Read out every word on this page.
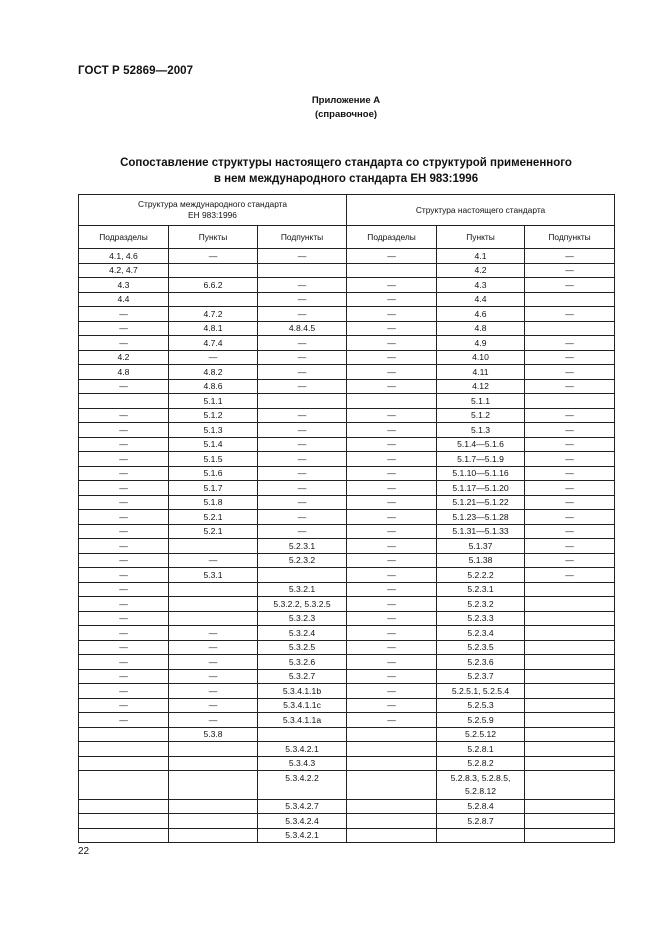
ГОСТ Р 52869—2007
Приложение А
(справочное)
Сопоставление структуры настоящего стандарта со структурой примененного
в нем международного стандарта ЕН 983:1996
Структура международного стандарта
ЕН 983:1996			Структура настоящего стандарта		
Подразделы	Пункты	Подпункты	Подразделы	Пункты	Подпункты
4.1, 4.6	—	—	—	4.1	—
4.2, 4.7				4.2	—
4.3	6.6.2	—	—	4.3	—
4.4		—	—	4.4	
—	4.7.2	—	—	4.6	—
—	4.8.1	4.8.4.5	—	4.8	
—	4.7.4	—	—	4.9	—
4.2	—	—	—	4.10	—
4.8	4.8.2	—	—	4.11	—
—	4.8.6	—	—	4.12	—
	5.1.1			5.1.1	
—	5.1.2	—	—	5.1.2	—
—	5.1.3	—	—	5.1.3	—
—	5.1.4	—	—	5.1.4—5.1.6	—
—	5.1.5	—	—	5.1.7—5.1.9	—
—	5.1.6	—	—	5.1.10—5.1.16	—
—	5.1.7	—	—	5.1.17—5.1.20	—
—	5.1.8	—	—	5.1.21—5.1.22	—
—	5.2.1	—	—	5.1.23—5.1.28	—
—	5.2.1	—	—	5.1.31—5.1.33	—
—		5.2.3.1	—	5.1.37	—
—	—	5.2.3.2	—	5.1.38	—
—	5.3.1		—	5.2.2.2	—
—		5.3.2.1	—	5.2.3.1	
—		5.3.2.2, 5.3.2.5	—	5.2.3.2	
—		5.3.2.3	—	5.2.3.3	
—	—	5.3.2.4	—	5.2.3.4	
—	—	5.3.2.5	—	5.2.3.5	
—	—	5.3.2.6	—	5.2.3.6	
—	—	5.3.2.7	—	5.2.3.7	
—	—	5.3.4.1.1b	—	5.2.5.1, 5.2.5.4	
—	—	5.3.4.1.1c	—	5.2.5.3	
—	—	5.3.4.1.1a	—	5.2.5.9	
	5.3.8			5.2.5.12	
		5.3.4.2.1		5.2.8.1	
		5.3.4.3		5.2.8.2	
		5.3.4.2.2		5.2.8.3, 5.2.8.5,
5.2.8.12	
		5.3.4.2.7		5.2.8.4	
		5.3.4.2.4		5.2.8.7	
		5.3.4.2.1			
22
